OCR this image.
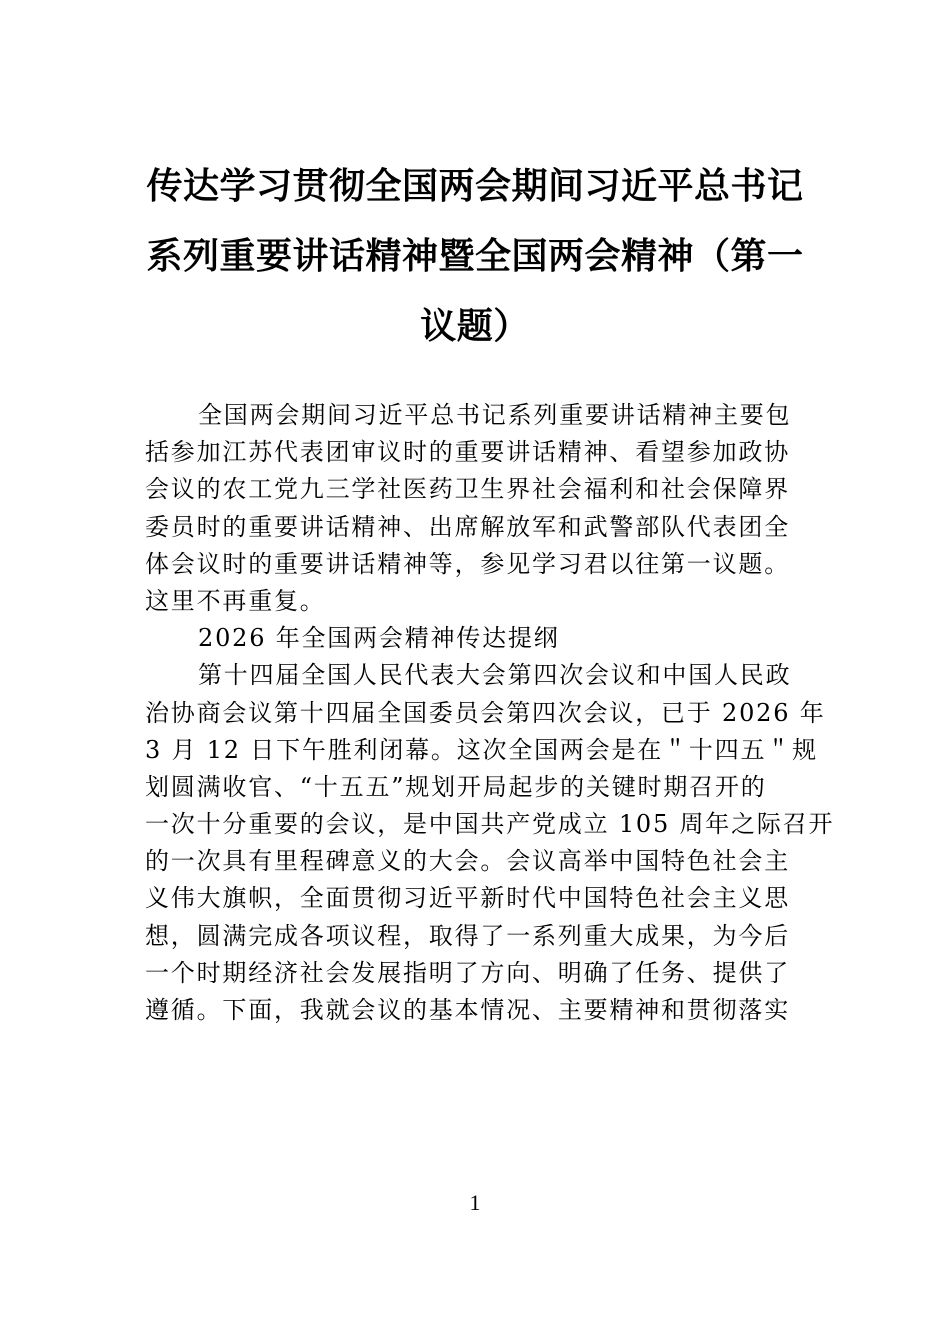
传达学习贯彻全国两会期间习近平总书记
系列重要讲话精神暨全国两会精神（第一
议题）
全国两会期间习近平总书记系列重要讲话精神主要包
括参加江苏代表团审议时的重要讲话精神、看望参加政协
会议的农工党九三学社医药卫生界社会福利和社会保障界
委员时的重要讲话精神、出席解放军和武警部队代表团全
体会议时的重要讲话精神等，参见学习君以往第一议题。
这里不再重复。
2026 年全国两会精神传达提纲
第十四届全国人民代表大会第四次会议和中国人民政
治协商会议第十四届全国委员会第四次会议，已于 2026 年
3 月 12 日下午胜利闭幕。这次全国两会是在＂十四五＂规
划圆满收官、“十五五”规划开局起步的关键时期召开的
一次十分重要的会议，是中国共产党成立 105 周年之际召开
的一次具有里程碑意义的大会。会议高举中国特色社会主
义伟大旗帜，全面贯彻习近平新时代中国特色社会主义思
想，圆满完成各项议程，取得了一系列重大成果，为今后
一个时期经济社会发展指明了方向、明确了任务、提供了
遵循。下面，我就会议的基本情况、主要精神和贯彻落实
1
